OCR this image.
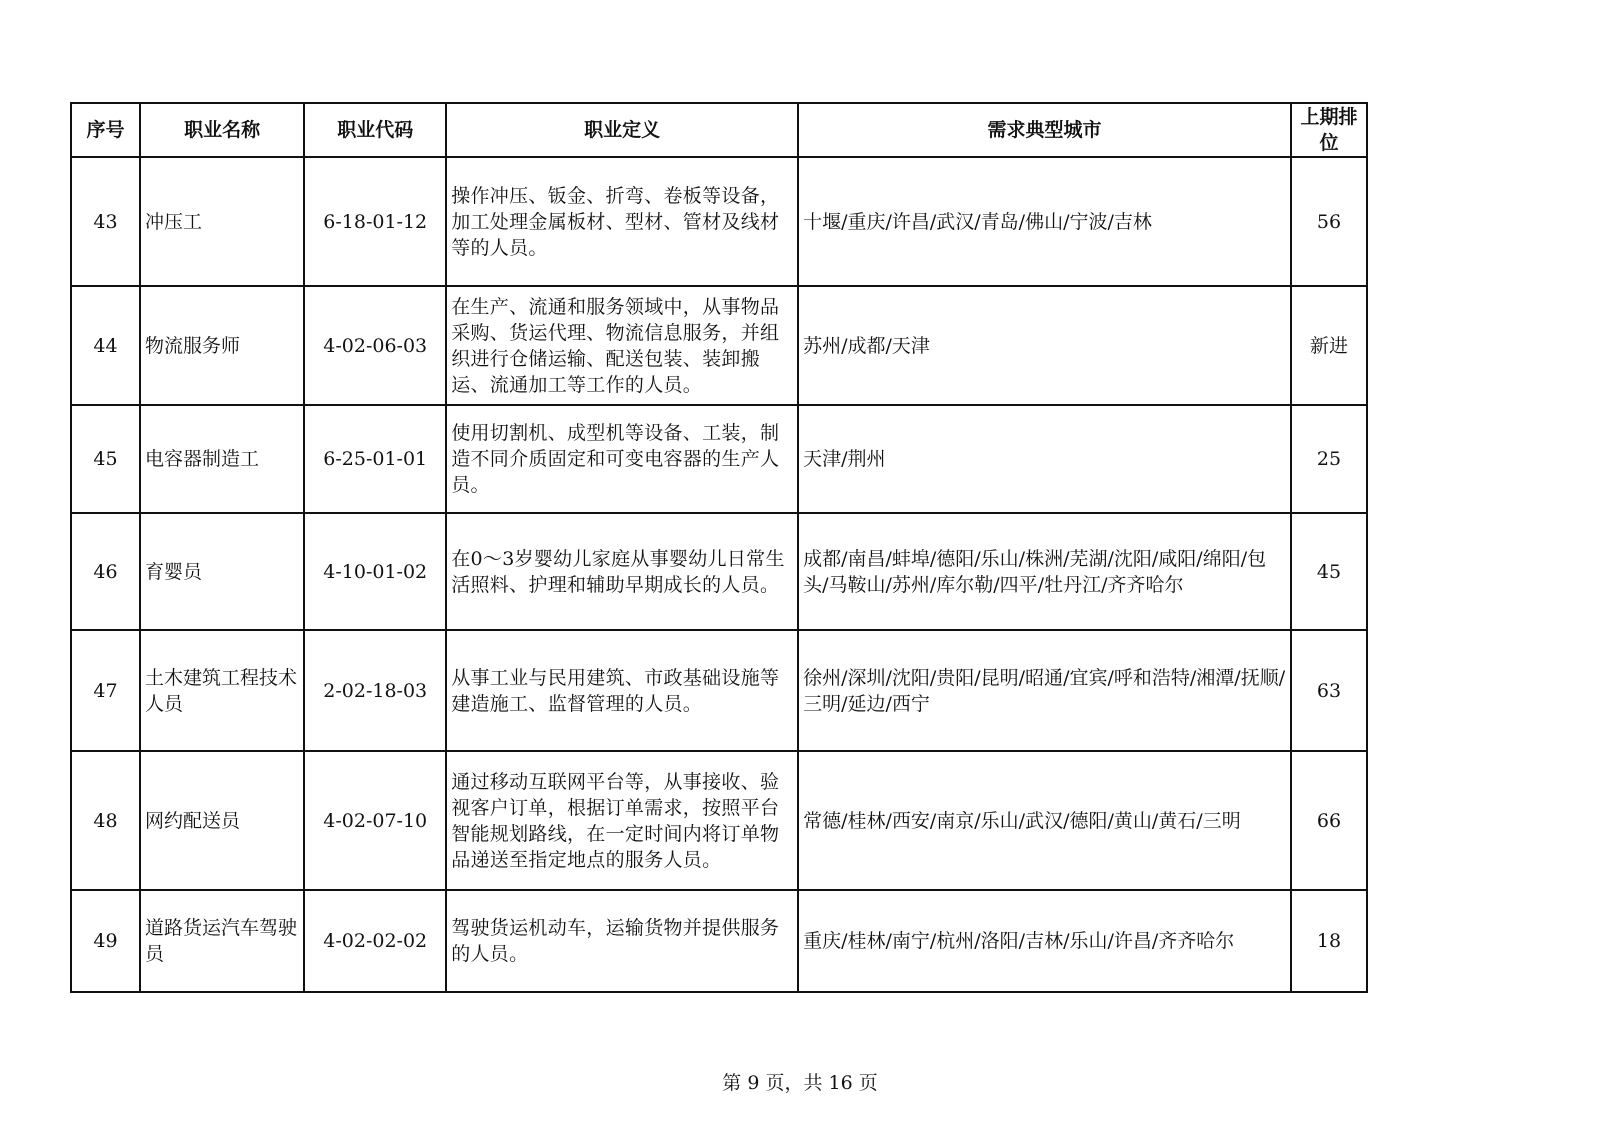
序号	职业名称	职业代码	职业定义	需求典型城市	上期排位
43	冲压工	6-18-01-12	操作冲压、钣金、折弯、卷板等设备，加工处理金属板材、型材、管材及线材等的人员。	十堰/重庆/许昌/武汉/青岛/佛山/宁波/吉林	56
44	物流服务师	4-02-06-03	在生产、流通和服务领域中，从事物品采购、货运代理、物流信息服务，并组织进行仓储运输、配送包装、装卸搬运、流通加工等工作的人员。	苏州/成都/天津	新进
45	电容器制造工	6-25-01-01	使用切割机、成型机等设备、工装，制造不同介质固定和可变电容器的生产人员。	天津/荆州	25
46	育婴员	4-10-01-02	在0～3岁婴幼儿家庭从事婴幼儿日常生活照料、护理和辅助早期成长的人员。	成都/南昌/蚌埠/德阳/乐山/株洲/芜湖/沈阳/咸阳/绵阳/包头/马鞍山/苏州/库尔勒/四平/牡丹江/齐齐哈尔	45
47	土木建筑工程技术人员	2-02-18-03	从事工业与民用建筑、市政基础设施等建造施工、监督管理的人员。	徐州/深圳/沈阳/贵阳/昆明/昭通/宜宾/呼和浩特/湘潭/抚顺/三明/延边/西宁	63
48	网约配送员	4-02-07-10	通过移动互联网平台等，从事接收、验视客户订单，根据订单需求，按照平台智能规划路线，在一定时间内将订单物品递送至指定地点的服务人员。	常德/桂林/西安/南京/乐山/武汉/德阳/黄山/黄石/三明	66
49	道路货运汽车驾驶员	4-02-02-02	驾驶货运机动车，运输货物并提供服务的人员。	重庆/桂林/南宁/杭州/洛阳/吉林/乐山/许昌/齐齐哈尔	18
第 9 页，共 16 页
